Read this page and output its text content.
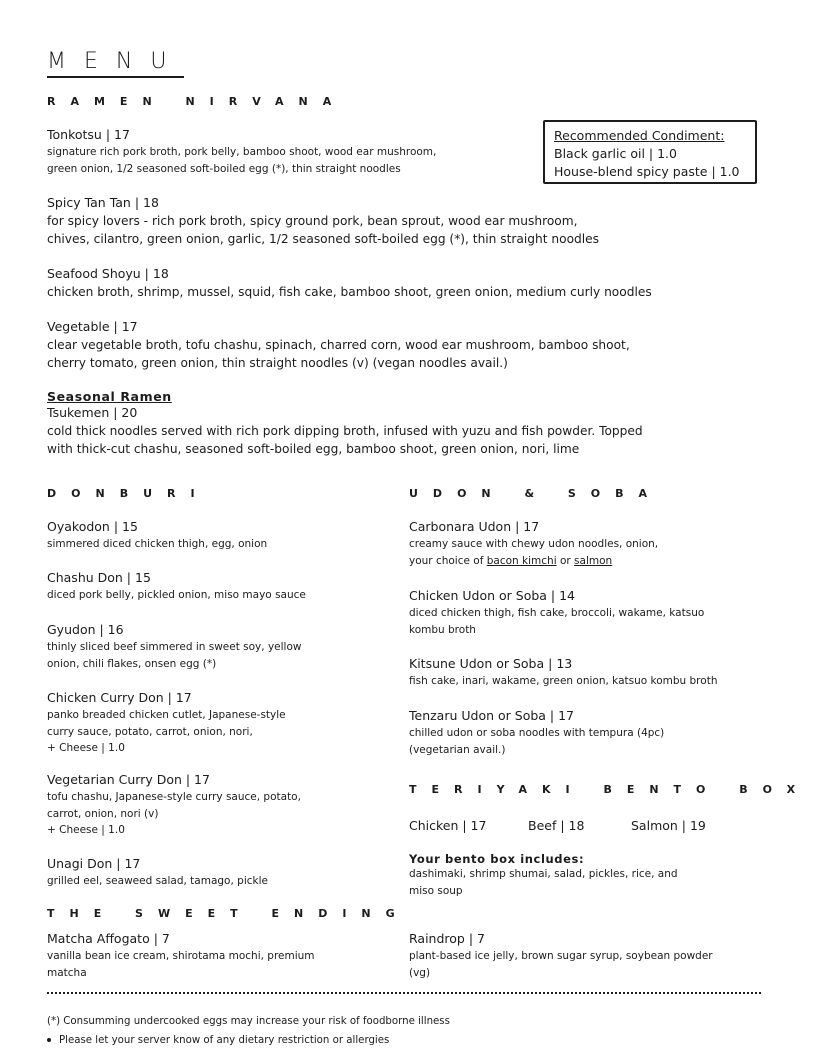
MENU
RAMEN NIRVANA
Tonkotsu | 17
signature rich pork broth, pork belly, bamboo shoot, wood ear mushroom,
green onion, 1/2 seasoned soft-boiled egg (*), thin straight noodles
Recommended Condiment:
Black garlic oil | 1.0
House-blend spicy paste | 1.0
Spicy Tan Tan | 18
for spicy lovers - rich pork broth, spicy ground pork, bean sprout, wood ear mushroom,
chives, cilantro, green onion, garlic, 1/2 seasoned soft-boiled egg (*), thin straight noodles
Seafood Shoyu | 18
chicken broth, shrimp, mussel, squid, fish cake, bamboo shoot, green onion, medium curly noodles
Vegetable | 17
clear vegetable broth, tofu chashu, spinach, charred corn, wood ear mushroom, bamboo shoot,
cherry tomato, green onion, thin straight noodles (v) (vegan noodles avail.)
Seasonal Ramen
Tsukemen | 20
cold thick noodles served with rich pork dipping broth, infused with yuzu and fish powder. Topped
with thick-cut chashu, seasoned soft-boiled egg, bamboo shoot, green onion, nori, lime
DONBURI
Oyakodon | 15
simmered diced chicken thigh, egg, onion
Chashu Don | 15
diced pork belly, pickled onion, miso mayo sauce
Gyudon | 16
thinly sliced beef simmered in sweet soy, yellow
onion, chili flakes, onsen egg (*)
Chicken Curry Don | 17
panko breaded chicken cutlet, Japanese-style
curry sauce, potato, carrot, onion, nori,
+ Cheese | 1.0
Vegetarian Curry Don | 17
tofu chashu, Japanese-style curry sauce, potato,
carrot, onion, nori (v)
+ Cheese | 1.0
Unagi Don | 17
grilled eel, seaweed salad, tamago, pickle
UDON & SOBA
Carbonara Udon | 17
creamy sauce with chewy udon noodles, onion,
your choice of bacon kimchi or salmon
Chicken Udon or Soba | 14
diced chicken thigh, fish cake, broccoli, wakame, katsuo
kombu broth
Kitsune Udon or Soba | 13
fish cake, inari, wakame, green onion, katsuo kombu broth
Tenzaru Udon or Soba | 17
chilled udon or soba noodles with tempura (4pc)
(vegetarian avail.)
TERIYAKI BENTO BOX
Chicken | 17	Beef | 18	Salmon | 19
Your bento box includes:
dashimaki, shrimp shumai, salad, pickles, rice, and
miso soup
THE SWEET ENDING
Matcha Affogato | 7
vanilla bean ice cream, shirotama mochi, premium
matcha
Raindrop | 7
plant-based ice jelly, brown sugar syrup, soybean powder
(vg)
(*) Consumming undercooked eggs may increase your risk of foodborne illness
Please let your server know of any dietary restriction or allergies
